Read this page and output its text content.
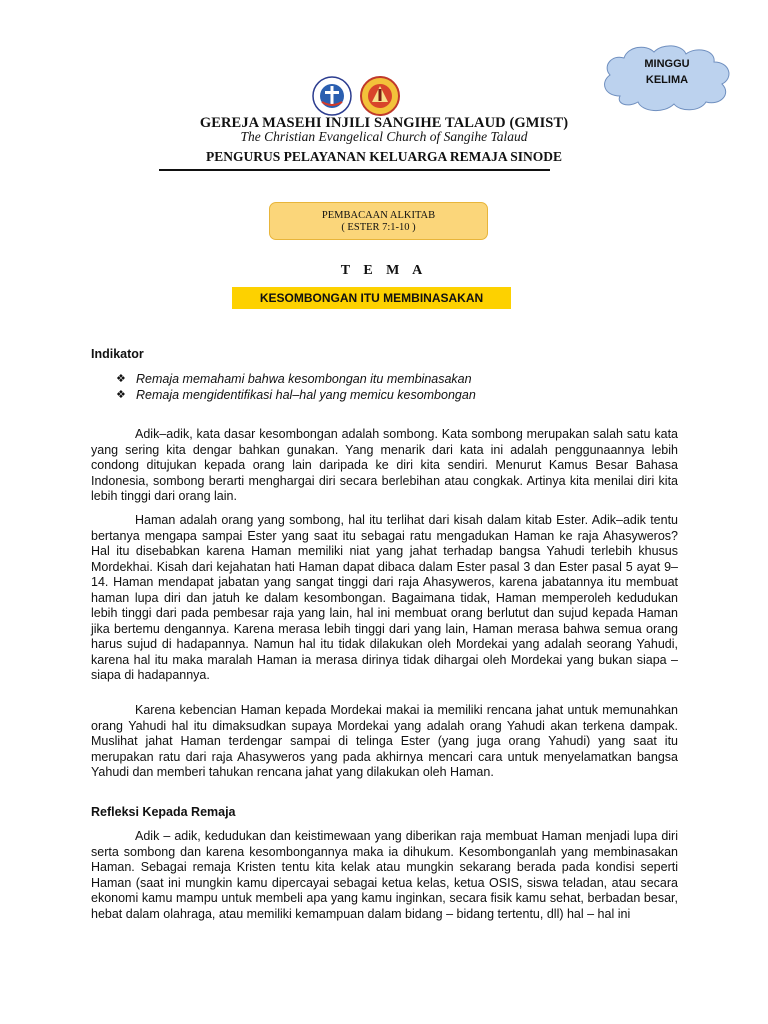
MINGGU
KELIMA
GEREJA MASEHI INJILI SANGIHE TALAUD (GMIST)
The Christian Evangelical Church of Sangihe Talaud
PENGURUS PELAYANAN KELUARGA REMAJA SINODE
PEMBACAAN ALKITAB
( ESTER 7:1-10 )
T E M A
KESOMBONGAN ITU MEMBINASAKAN
Indikator
❖ Remaja memahami bahwa kesombongan itu membinasakan
❖ Remaja mengidentifikasi hal–hal yang memicu kesombongan

Adik–adik, kata dasar kesombongan adalah sombong. Kata sombong merupakan salah satu kata yang sering kita dengar bahkan gunakan. Yang menarik dari kata ini adalah penggunaannya lebih condong ditujukan kepada orang lain daripada ke diri kita sendiri. Menurut Kamus Besar Bahasa Indonesia, sombong berarti menghargai diri secara berlebihan atau congkak. Artinya kita menilai diri kita lebih tinggi dari orang lain.

Haman adalah orang yang sombong, hal itu terlihat dari kisah dalam kitab Ester. Adik–adik tentu bertanya mengapa sampai Ester yang saat itu sebagai ratu mengadukan Haman ke raja Ahasyweros? Hal itu disebabkan karena Haman memiliki niat yang jahat terhadap bangsa Yahudi terlebih khusus Mordekhai. Kisah dari kejahatan hati Haman dapat dibaca dalam Ester pasal 3 dan Ester pasal 5 ayat 9–14. Haman mendapat jabatan yang sangat tinggi dari raja Ahasyweros, karena jabatannya itu membuat haman lupa diri dan jatuh ke dalam kesombongan. Bagaimana tidak, Haman memperoleh kedudukan lebih tinggi dari pada pembesar raja yang lain, hal ini membuat orang berlutut dan sujud kepada Haman jika bertemu dengannya. Karena merasa lebih tinggi dari yang lain, Haman merasa bahwa semua orang harus sujud di hadapannya. Namun hal itu tidak dilakukan oleh Mordekai yang adalah seorang Yahudi, karena hal itu maka maralah Haman ia merasa dirinya tidak dihargai oleh Mordekai yang bukan siapa – siapa di hadapannya.

Karena kebencian Haman kepada Mordekai makai ia memiliki rencana jahat untuk memunahkan orang Yahudi hal itu dimaksudkan supaya Mordekai yang adalah orang Yahudi akan terkena dampak. Muslihat jahat Haman terdengar sampai di telinga Ester (yang juga orang Yahudi) yang saat itu merupakan ratu dari raja Ahasyweros yang pada akhirnya mencari cara untuk menyelamatkan bangsa Yahudi dan memberi tahukan rencana jahat yang dilakukan oleh Haman.

Refleksi Kepada Remaja

Adik – adik, kedudukan dan keistimewaan yang diberikan raja membuat Haman menjadi lupa diri serta sombong dan karena kesombongannya maka ia dihukum. Kesombonganlah yang membinasakan Haman. Sebagai remaja Kristen tentu kita kelak atau mungkin sekarang berada pada kondisi seperti Haman (saat ini mungkin kamu dipercayai sebagai ketua kelas, ketua OSIS, siswa teladan, atau secara ekonomi kamu mampu untuk membeli apa yang kamu inginkan, secara fisik kamu sehat, berbadan besar, hebat dalam olahraga, atau memiliki kemampuan dalam bidang – bidang tertentu, dll) hal – hal ini
